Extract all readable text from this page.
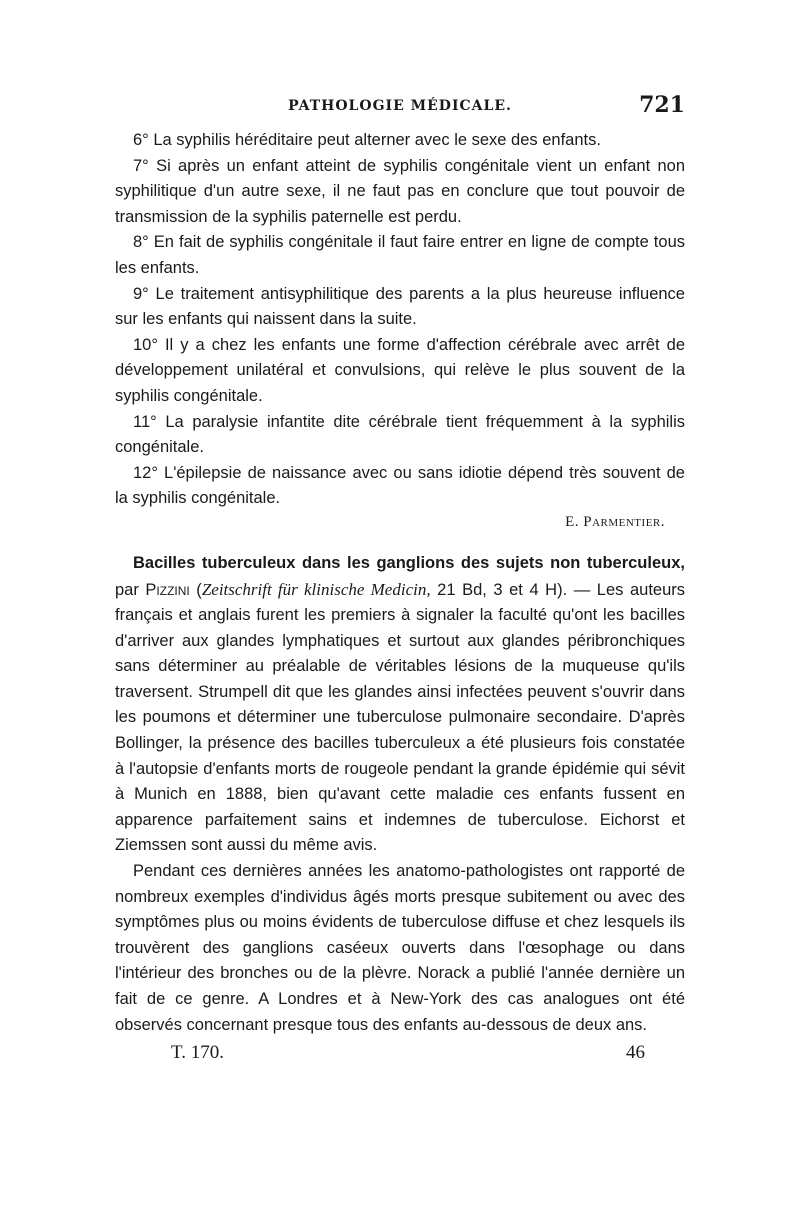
PATHOLOGIE MÉDICALE.	721

6° La syphilis héréditaire peut alterner avec le sexe des enfants.

7° Si après un enfant atteint de syphilis congénitale vient un enfant non syphilitique d'un autre sexe, il ne faut pas en conclure que tout pouvoir de transmission de la syphilis paternelle est perdu.

8° En fait de syphilis congénitale il faut faire entrer en ligne de compte tous les enfants.

9° Le traitement antisyphilitique des parents a la plus heureuse influence sur les enfants qui naissent dans la suite.

10° Il y a chez les enfants une forme d'affection cérébrale avec arrêt de développement unilatéral et convulsions, qui relève le plus souvent de la syphilis congénitale.

11° La paralysie infantite dite cérébrale tient fréquemment à la syphilis congénitale.

12° L'épilepsie de naissance avec ou sans idiotie dépend très souvent de la syphilis congénitale.

E. Parmentier.

Bacilles tuberculeux dans les ganglions des sujets non tuberculeux, par Pizzini (Zeitschrift für klinische Medicin, 21 Bd, 3 et 4 H). — Les auteurs français et anglais furent les premiers à signaler la faculté qu'ont les bacilles d'arriver aux glandes lymphatiques et surtout aux glandes péribronchiques sans déterminer au préalable de véritables lésions de la muqueuse qu'ils traversent. Strumpell dit que les glandes ainsi infectées peuvent s'ouvrir dans les poumons et déterminer une tuberculose pulmonaire secondaire. D'après Bollinger, la présence des bacilles tuberculeux a été plusieurs fois constatée à l'autopsie d'enfants morts de rougeole pendant la grande épidémie qui sévit à Munich en 1888, bien qu'avant cette maladie ces enfants fussent en apparence parfaitement sains et indemnes de tuberculose. Eichorst et Ziemssen sont aussi du même avis.

Pendant ces dernières années les anatomo-pathologistes ont rapporté de nombreux exemples d'individus âgés morts presque subitement ou avec des symptômes plus ou moins évidents de tuberculose diffuse et chez lesquels ils trouvèrent des ganglions caséeux ouverts dans l'œsophage ou dans l'intérieur des bronches ou de la plèvre. Norack a publié l'année dernière un fait de ce genre. A Londres et à New-York des cas analogues ont été observés concernant presque tous des enfants au-dessous de deux ans.

T. 170.	46
